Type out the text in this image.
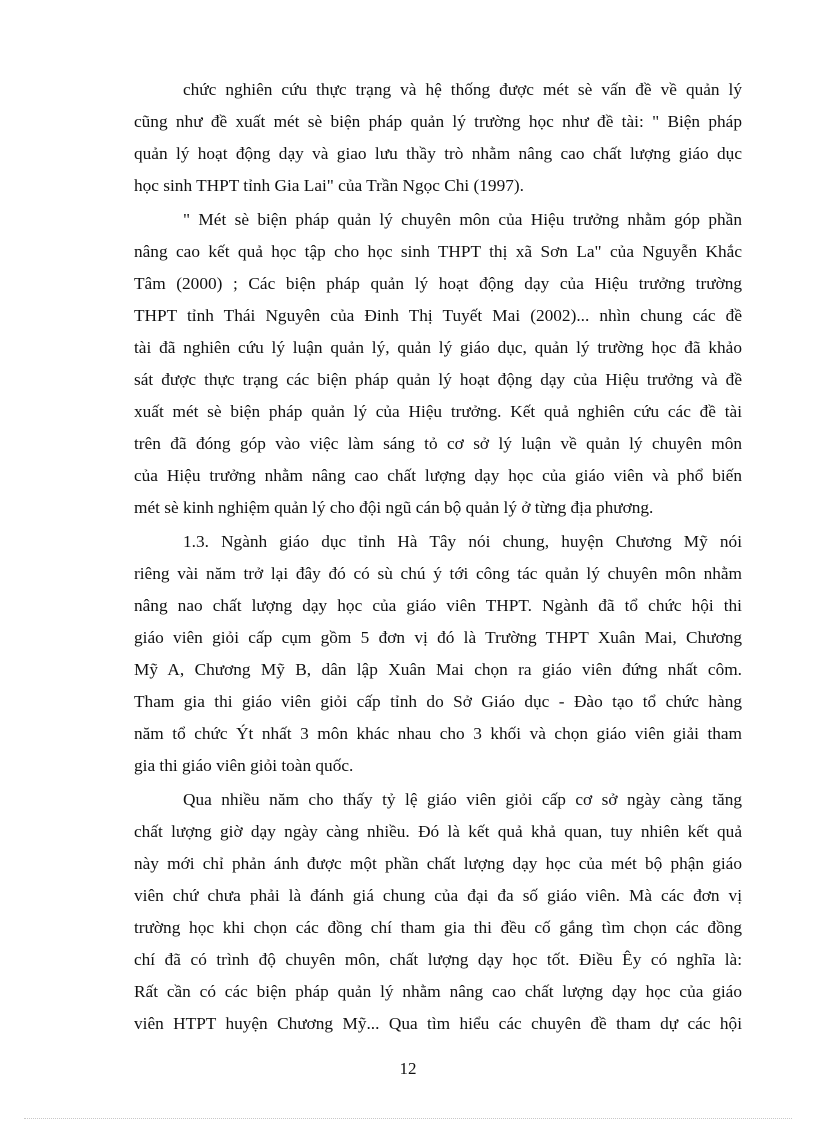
chức nghiên cứu thực trạng và hệ thống được mét sè vấn đề về quản lý
cũng như đề xuất mét sè biện pháp quản lý trường học như đề tài: " Biện pháp
quản lý hoạt động dạy và giao lưu thầy trò nhằm nâng cao chất lượng giáo dục
học sinh THPT tỉnh Gia Lai" của Trần Ngọc Chi (1997).
" Mét sè biện pháp quản lý chuyên môn của Hiệu trưởng nhằm góp phần
nâng cao kết quả học tập cho học sinh THPT thị xã Sơn La" của Nguyễn Khắc
Tâm (2000) ; Các biện pháp quản lý hoạt động dạy của Hiệu trưởng trường
THPT tỉnh Thái Nguyên của Đinh Thị Tuyết Mai (2002)... nhìn chung các đề
tài đã nghiên cứu lý luận quản lý, quản lý giáo dục, quản lý trường học đã khảo
sát được thực trạng các biện pháp quản lý hoạt động dạy của Hiệu trưởng và đề
xuất mét sè biện pháp quản lý của Hiệu trưởng. Kết quả nghiên cứu các đề tài
trên đã đóng góp vào việc làm sáng tỏ cơ sở lý luận về quản lý chuyên môn
của Hiệu trưởng nhằm nâng cao chất lượng dạy học của giáo viên và phổ biến
mét sè kinh nghiệm quản lý cho đội ngũ cán bộ quản lý ở từng địa phương.
1.3. Ngành giáo dục tỉnh Hà Tây nói chung, huyện Chương Mỹ nói
riêng vài năm trở lại đây đó có sù chú ý tới công tác quản lý chuyên môn nhằm
nâng nao chất lượng dạy học của giáo viên THPT. Ngành đã tổ chức hội thi
giáo viên giỏi cấp cụm gồm 5 đơn vị đó là Trường THPT Xuân Mai, Chương
Mỹ A, Chương Mỹ B, dân lập Xuân Mai chọn ra giáo viên đứng nhất côm.
Tham gia thi giáo viên giỏi cấp tỉnh do Sở Giáo dục - Đào tạo tổ chức hàng
năm tổ chức Ýt nhất 3 môn khác nhau cho 3 khối và chọn giáo viên giải tham
gia thi giáo viên giỏi toàn quốc.
Qua nhiều năm cho thấy tỷ lệ giáo viên giỏi cấp cơ sở ngày càng tăng
chất lượng giờ dạy ngày càng nhiều. Đó là kết quả khả quan, tuy nhiên kết quả
này mới chỉ phản ánh được một phần chất lượng dạy học của mét bộ phận giáo
viên chứ chưa phải là đánh giá chung của đại đa số giáo viên. Mà các đơn vị
trường học khi chọn các đồng chí tham gia thi đều cố gắng tìm chọn các đồng
chí đã có trình độ chuyên môn, chất lượng dạy học tốt. Điều Êy có nghĩa là:
Rất cần có các biện pháp quản lý nhằm nâng cao chất lượng dạy học của giáo
viên HTPT huyện Chương Mỹ... Qua tìm hiểu các chuyên đề tham dự các hội
12
